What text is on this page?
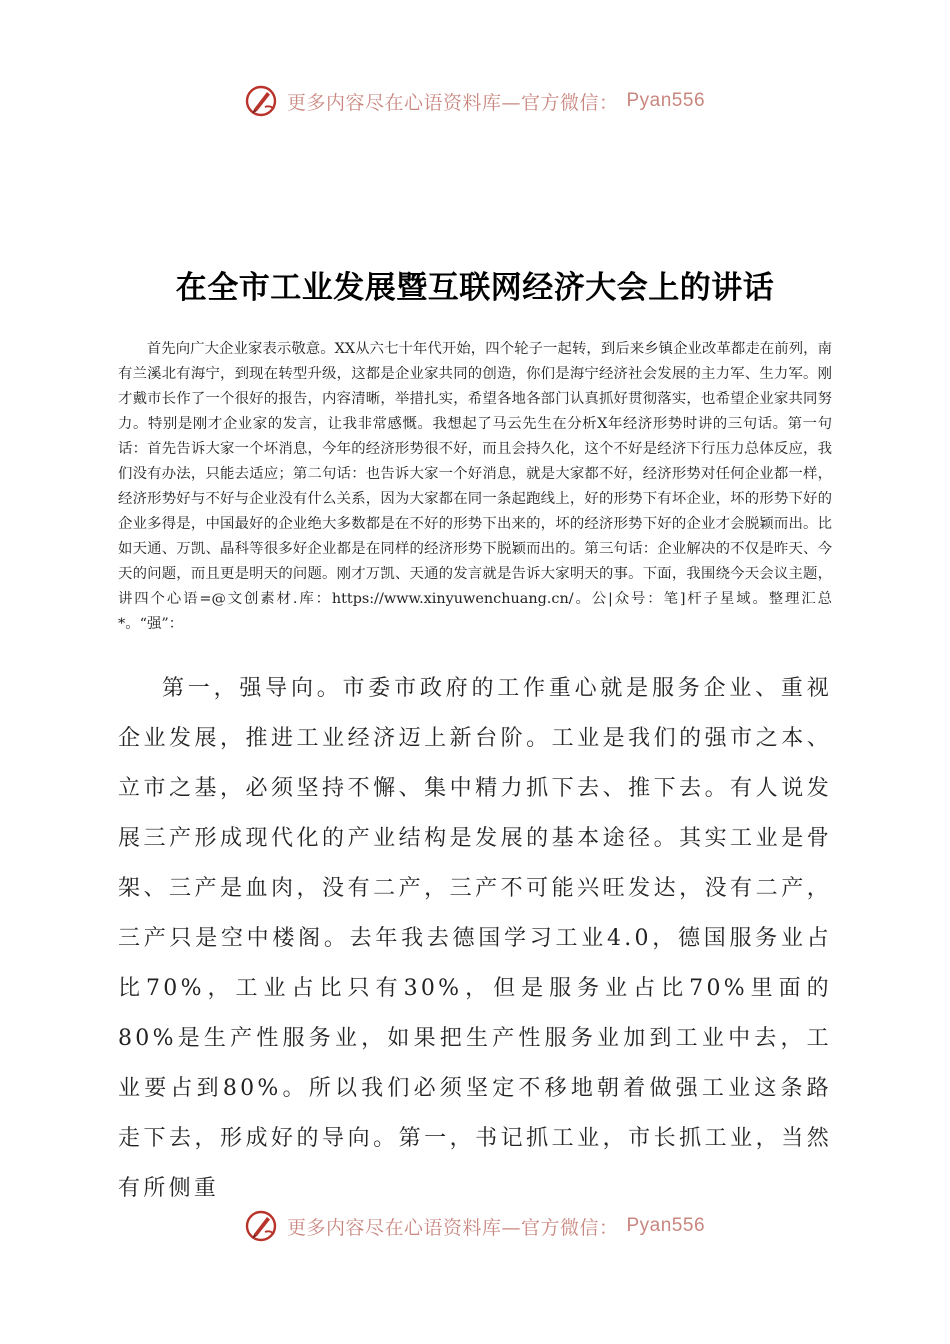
更多内容尽在心语资料库—官方微信： Pyan556
在全市工业发展暨互联网经济大会上的讲话

首先向广大企业家表示敬意。XX从六七十年代开始，四个轮子一起转，到后来乡镇企业改革都走在前列，南有兰溪北有海宁，到现在转型升级，这都是企业家共同的创造，你们是海宁经济社会发展的主力军、生力军。刚才戴市长作了一个很好的报告，内容清晰，举措扎实，希望各地各部门认真抓好贯彻落实，也希望企业家共同努力。特别是刚才企业家的发言，让我非常感慨。我想起了马云先生在分析X年经济形势时讲的三句话。第一句话：首先告诉大家一个坏消息，今年的经济形势很不好，而且会持久化，这个不好是经济下行压力总体反应，我们没有办法，只能去适应；第二句话：也告诉大家一个好消息，就是大家都不好，经济形势对任何企业都一样，经济形势好与不好与企业没有什么关系，因为大家都在同一条起跑线上，好的形势下有坏企业，坏的形势下好的企业多得是，中国最好的企业绝大多数都是在不好的形势下出来的，坏的经济形势下好的企业才会脱颖而出。比如天通、万凯、晶科等很多好企业都是在同样的经济形势下脱颖而出的。第三句话：企业解决的不仅是昨天、今天的问题，而且更是明天的问题。刚才万凯、天通的发言就是告诉大家明天的事。下面，我围绕今天会议主题，讲四个心语=@文创素材.库：https://www.xinyuwenchuang.cn/。公|众号：笔]杆子星域。整理汇总*。“强”：

第一，强导向。市委市政府的工作重心就是服务企业、重视企业发展，推进工业经济迈上新台阶。工业是我们的强市之本、立市之基，必须坚持不懈、集中精力抓下去、推下去。有人说发展三产形成现代化的产业结构是发展的基本途径。其实工业是骨架、三产是血肉，没有二产，三产不可能兴旺发达，没有二产，三产只是空中楼阁。去年我去德国学习工业4.0，德国服务业占比70%，工业占比只有30%，但是服务业占比70%里面的80%是生产性服务业，如果把生产性服务业加到工业中去，工业要占到80%。所以我们必须坚定不移地朝着做强工业这条路走下去，形成好的导向。第一，书记抓工业，市长抓工业，当然有所侧重

更多内容尽在心语资料库—官方微信： Pyan556
